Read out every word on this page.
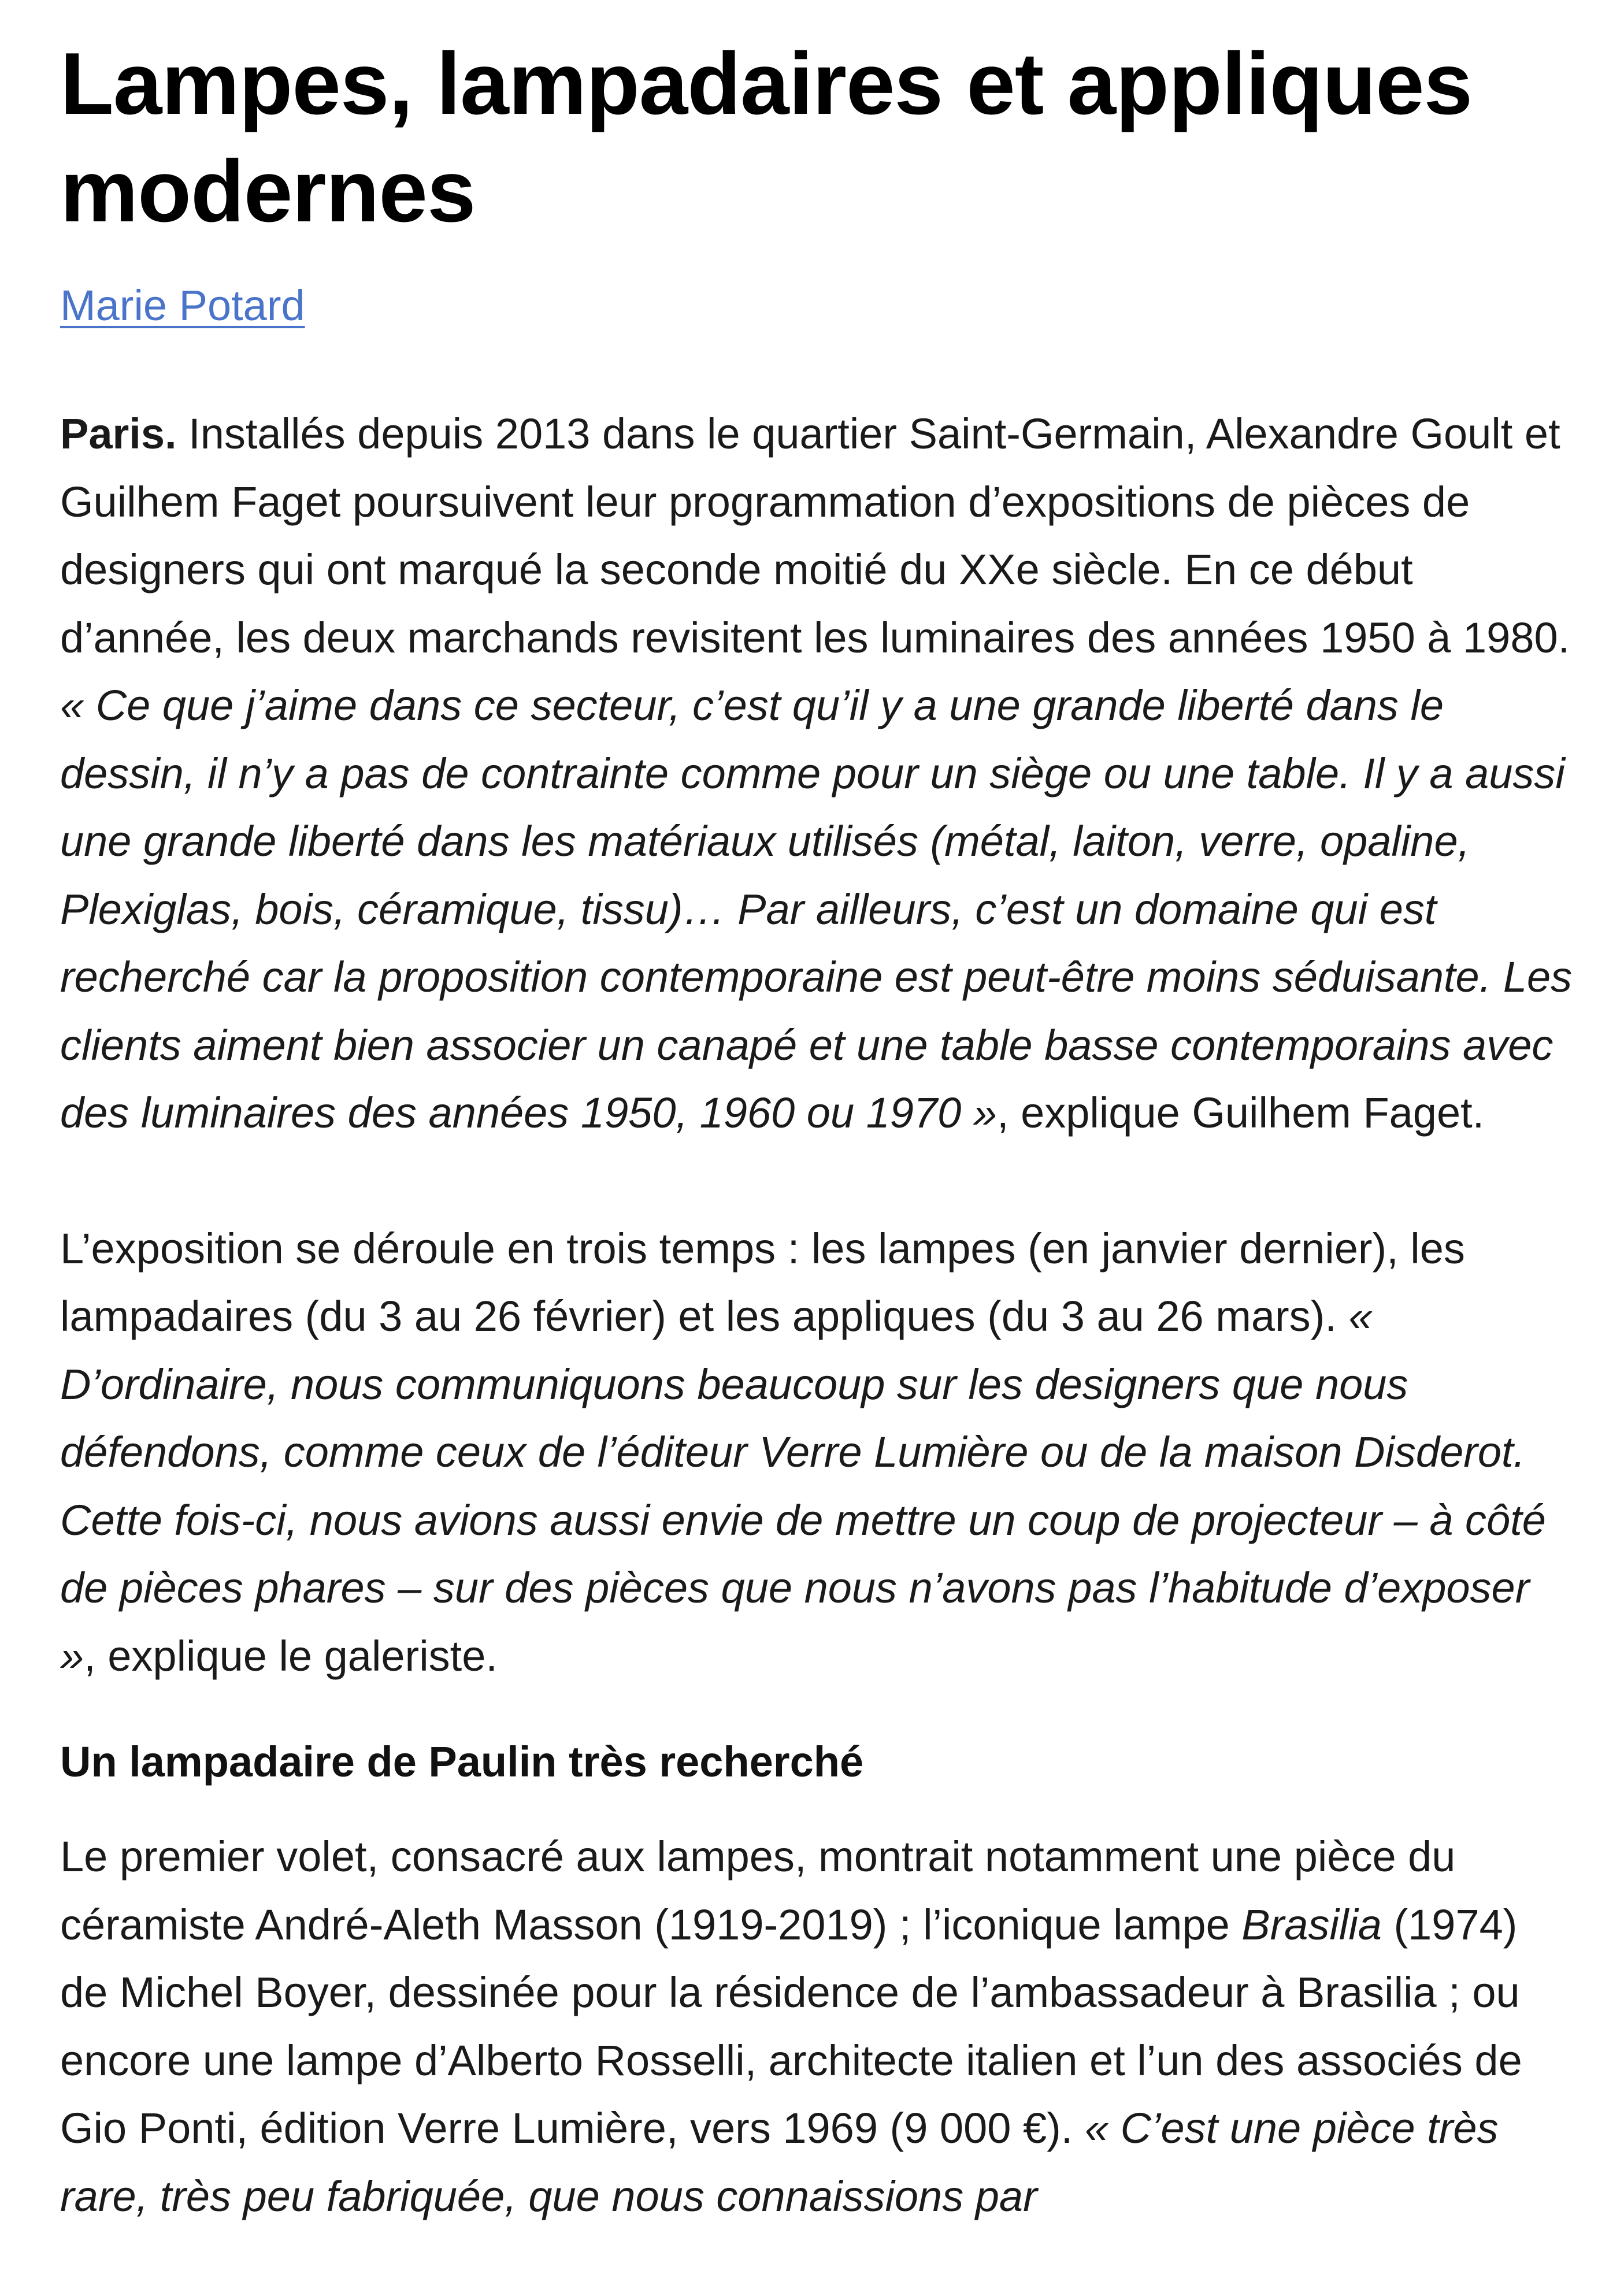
Lampes, lampadaires et appliques modernes
Marie Potard

Paris. Installés depuis 2013 dans le quartier Saint-Germain, Alexandre Goult et Guilhem Faget poursuivent leur programmation d’expositions de pièces de designers qui ont marqué la seconde moitié du XXe siècle. En ce début d’année, les deux marchands revisitent les luminaires des années 1950 à 1980. « Ce que j’aime dans ce secteur, c’est qu’il y a une grande liberté dans le dessin, il n’y a pas de contrainte comme pour un siège ou une table. Il y a aussi une grande liberté dans les matériaux utilisés (métal, laiton, verre, opaline, Plexiglas, bois, céramique, tissu)… Par ailleurs, c’est un domaine qui est recherché car la proposition contemporaine est peut-être moins séduisante. Les clients aiment bien associer un canapé et une table basse contemporains avec des luminaires des années 1950, 1960 ou 1970 », explique Guilhem Faget.

L’exposition se déroule en trois temps : les lampes (en janvier dernier), les lampadaires (du 3 au 26 février) et les appliques (du 3 au 26 mars). « D’ordinaire, nous communiquons beaucoup sur les designers que nous défendons, comme ceux de l’éditeur Verre Lumière ou de la maison Disderot. Cette fois-ci, nous avions aussi envie de mettre un coup de projecteur – à côté de pièces phares – sur des pièces que nous n’avons pas l’habitude d’exposer », explique le galeriste.

Un lampadaire de Paulin très recherché

Le premier volet, consacré aux lampes, montrait notamment une pièce du céramiste André-Aleth Masson (1919-2019) ; l’iconique lampe Brasilia (1974) de Michel Boyer, dessinée pour la résidence de l’ambassadeur à Brasilia ; ou encore une lampe d’Alberto Rosselli, architecte italien et l’un des associés de Gio Ponti, édition Verre Lumière, vers 1969 (9 000 €). « C’est une pièce très rare, très peu fabriquée, que nous connaissions par
